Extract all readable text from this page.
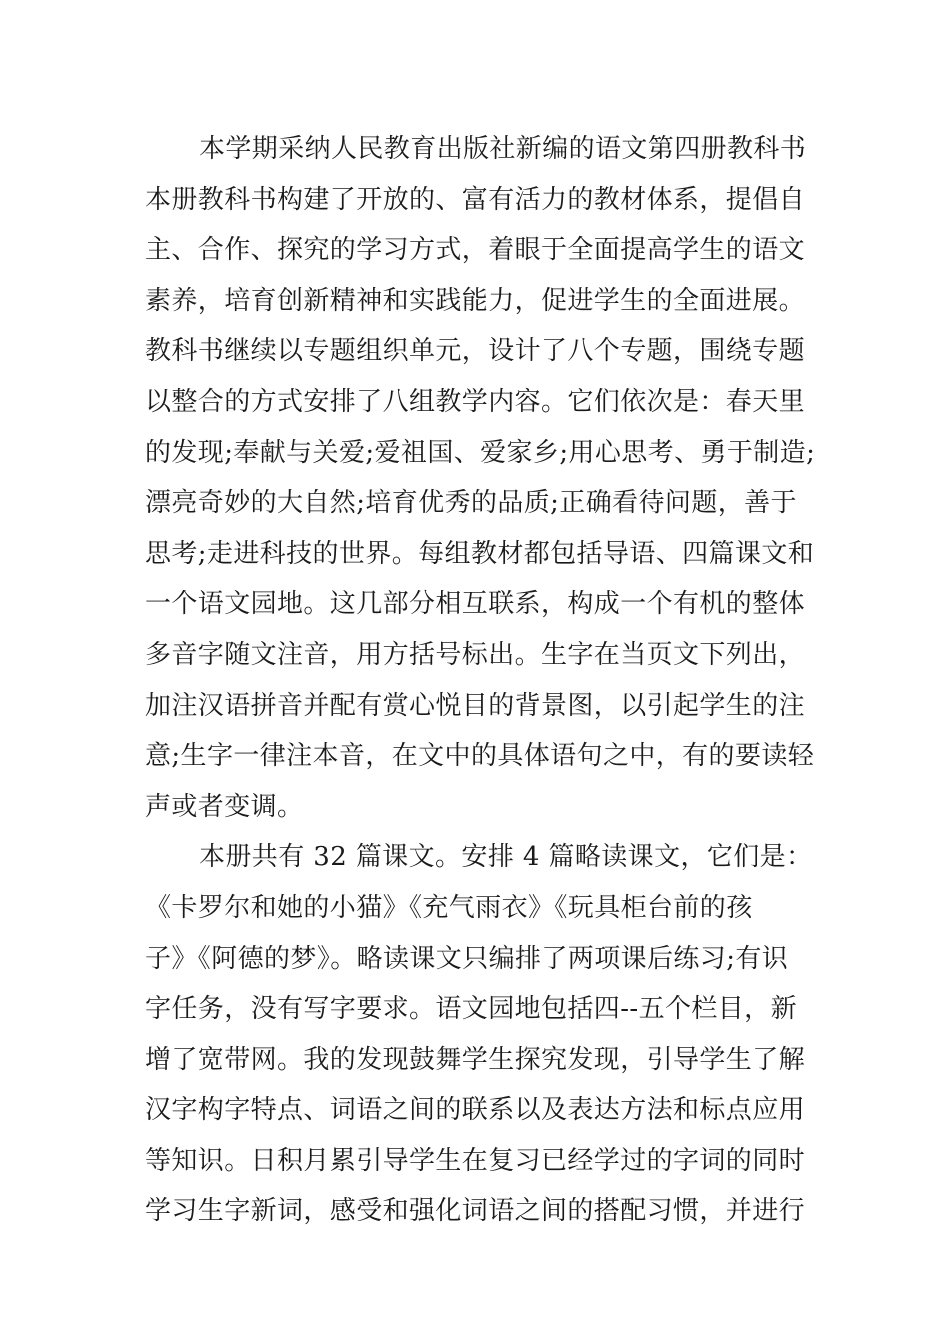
本学期采纳人民教育出版社新编的语文第四册教科书
本册教科书构建了开放的、富有活力的教材体系，提倡自
主、合作、探究的学习方式，着眼于全面提高学生的语文
素养，培育创新精神和实践能力，促进学生的全面进展。
教科书继续以专题组织单元，设计了八个专题，围绕专题
以整合的方式安排了八组教学内容。它们依次是：春天里
的发现;奉献与关爱;爱祖国、爱家乡;用心思考、勇于制造;
漂亮奇妙的大自然;培育优秀的品质;正确看待问题，善于
思考;走进科技的世界。每组教材都包括导语、四篇课文和
一个语文园地。这几部分相互联系，构成一个有机的整体
多音字随文注音，用方括号标出。生字在当页文下列出，
加注汉语拼音并配有赏心悦目的背景图，以引起学生的注
意;生字一律注本音，在文中的具体语句之中，有的要读轻
声或者变调。
本册共有 32 篇课文。安排 4 篇略读课文，它们是：
《卡罗尔和她的小猫》《充气雨衣》《玩具柜台前的孩
子》《阿德的梦》。略读课文只编排了两项课后练习;有识
字任务，没有写字要求。语文园地包括四--五个栏目，新
增了宽带网。我的发现鼓舞学生探究发现，引导学生了解
汉字构字特点、词语之间的联系以及表达方法和标点应用
等知识。日积月累引导学生在复习已经学过的字词的同时
学习生字新词，感受和强化词语之间的搭配习惯，并进行
